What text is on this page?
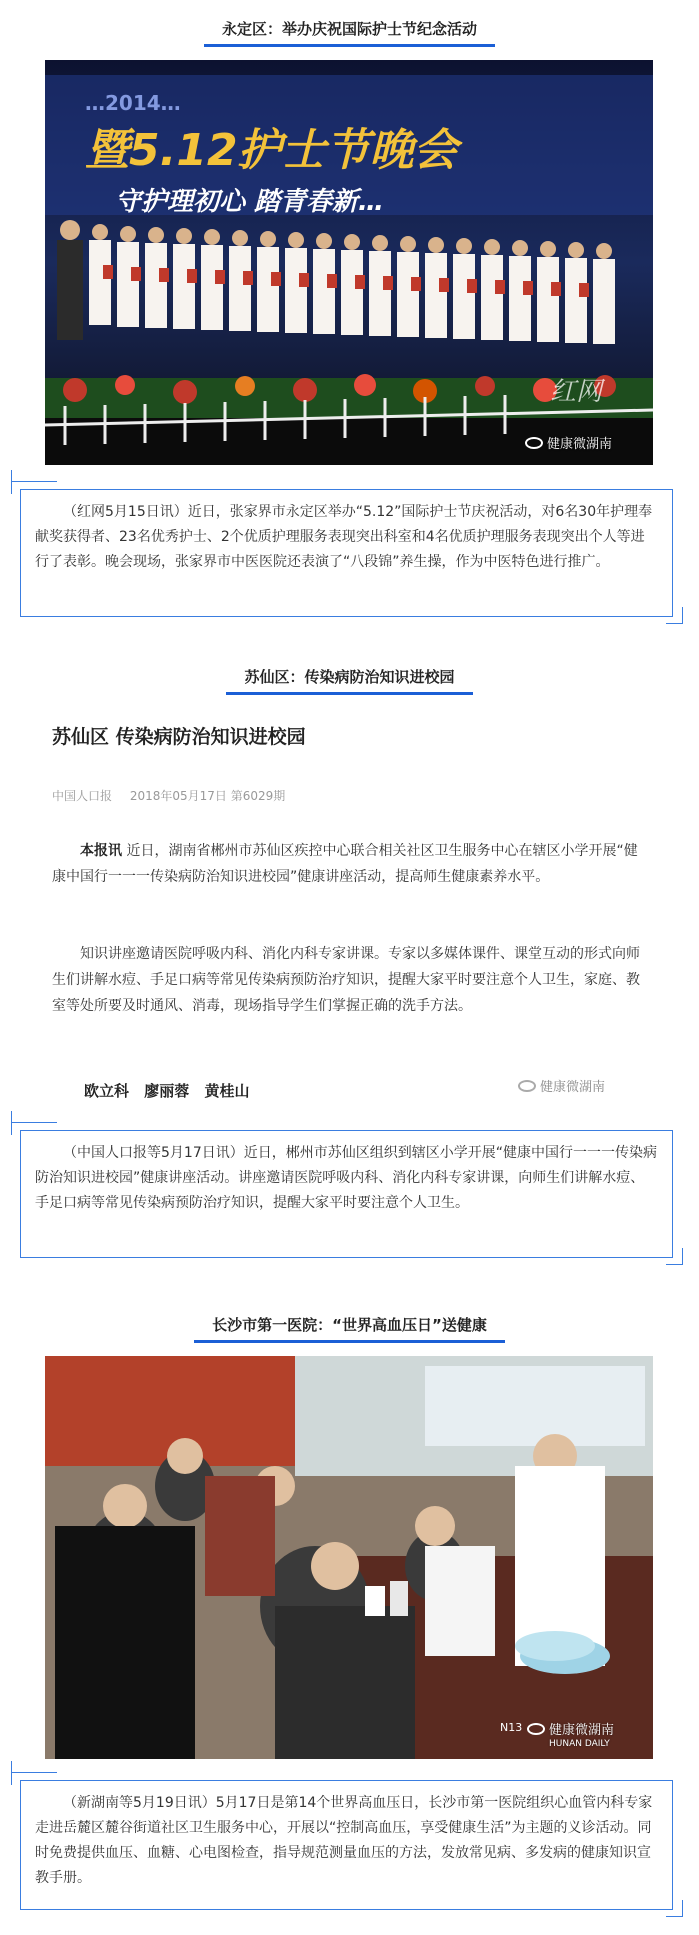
永定区：举办庆祝国际护士节纪念活动
…2014…
暨5.12护士节晚会
守护理初心 踏青春新…
红网
健康微湖南
（红网5月15日讯）近日，张家界市永定区举办“5.12”国际护士节庆祝活动，对6名30年护理奉献奖获得者、23名优秀护士、2个优质护理服务表现突出科室和4名优质护理服务表现突出个人等进行了表彰。晚会现场，张家界市中医医院还表演了“八段锦”养生操，作为中医特色进行推广。
苏仙区：传染病防治知识进校园
苏仙区 传染病防治知识进校园
中国人口报 2018年05月17日 第6029期
本报讯 近日，湖南省郴州市苏仙区疾控中心联合相关社区卫生服务中心在辖区小学开展“健康中国行一一一传染病防治知识进校园”健康讲座活动，提高师生健康素养水平。
知识讲座邀请医院呼吸内科、消化内科专家讲课。专家以多媒体课件、课堂互动的形式向师生们讲解水痘、手足口病等常见传染病预防治疗知识，提醒大家平时要注意个人卫生，家庭、教室等处所要及时通风、消毒，现场指导学生们掌握正确的洗手方法。
欧立科 廖丽蓉 黄桂山	健康微湖南
（中国人口报等5月17日讯）近日，郴州市苏仙区组织到辖区小学开展“健康中国行一一一传染病防治知识进校园”健康讲座活动。讲座邀请医院呼吸内科、消化内科专家讲课，向师生们讲解水痘、手足口病等常见传染病预防治疗知识，提醒大家平时要注意个人卫生。
长沙市第一医院：“世界高血压日”送健康
N13 健康微湖南
HUNAN DAILY
（新湖南等5月19日讯）5月17日是第14个世界高血压日，长沙市第一医院组织心血管内科专家走进岳麓区麓谷街道社区卫生服务中心，开展以“控制高血压，享受健康生活”为主题的义诊活动。同时免费提供血压、血糖、心电图检查，指导规范测量血压的方法，发放常见病、多发病的健康知识宣教手册。
